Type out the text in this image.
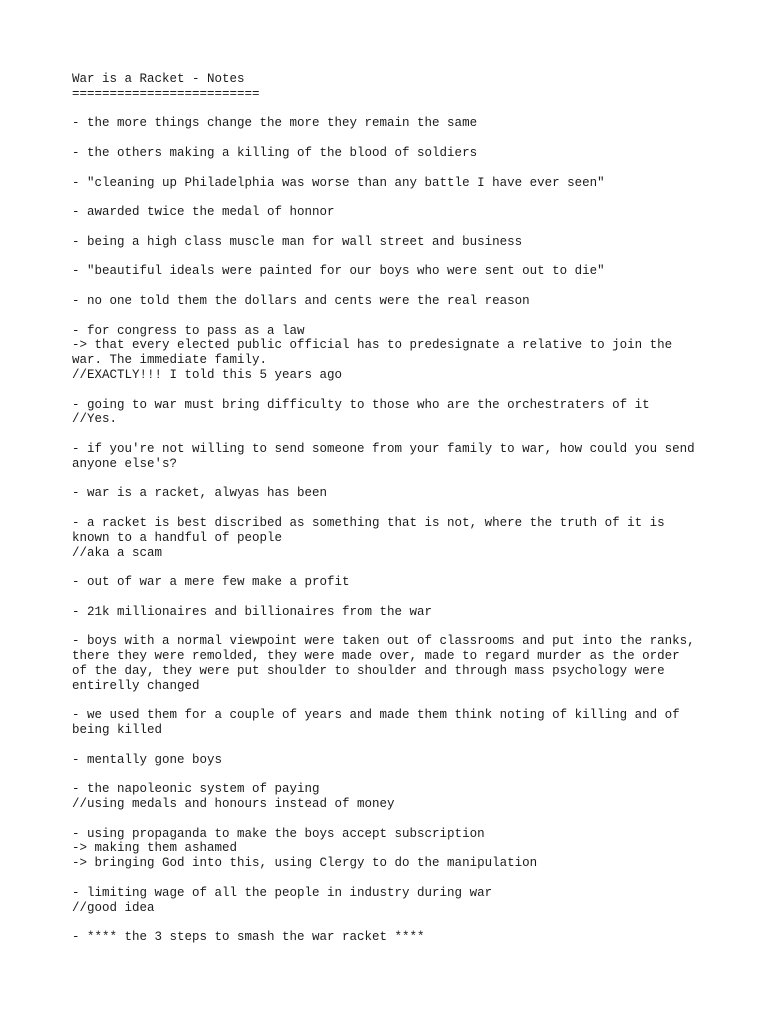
War is a Racket - Notes
=========================
- the more things change the more they remain the same
- the others making a killing of the blood of soldiers
- "cleaning up Philadelphia was worse than any battle I have ever seen"
- awarded twice the medal of honnor
- being a high class muscle man for wall street and business
- "beautiful ideals were painted for our boys who were sent out to die"
- no one told them the dollars and cents were the real reason
- for congress to pass as a law
-> that every elected public official has to predesignate a relative to join the
war. The immediate family.
//EXACTLY!!! I told this 5 years ago
- going to war must bring difficulty to those who are the orchestraters of it
//Yes.
- if you're not willing to send someone from your family to war, how could you send
anyone else's?
- war is a racket, alwyas has been
- a racket is best discribed as something that is not, where the truth of it is
known to a handful of people
//aka a scam
- out of war a mere few make a profit
- 21k millionaires and billionaires from the war
- boys with a normal viewpoint were taken out of classrooms and put into the ranks,
there they were remolded, they were made over, made to regard murder as the order
of the day, they were put shoulder to shoulder and through mass psychology were
entirelly changed
- we used them for a couple of years and made them think noting of killing and of
being killed
- mentally gone boys
- the napoleonic system of paying
//using medals and honours instead of money
- using propaganda to make the boys accept subscription
-> making them ashamed
-> bringing God into this, using Clergy to do the manipulation
- limiting wage of all the people in industry during war
//good idea
- **** the 3 steps to smash the war racket ****
